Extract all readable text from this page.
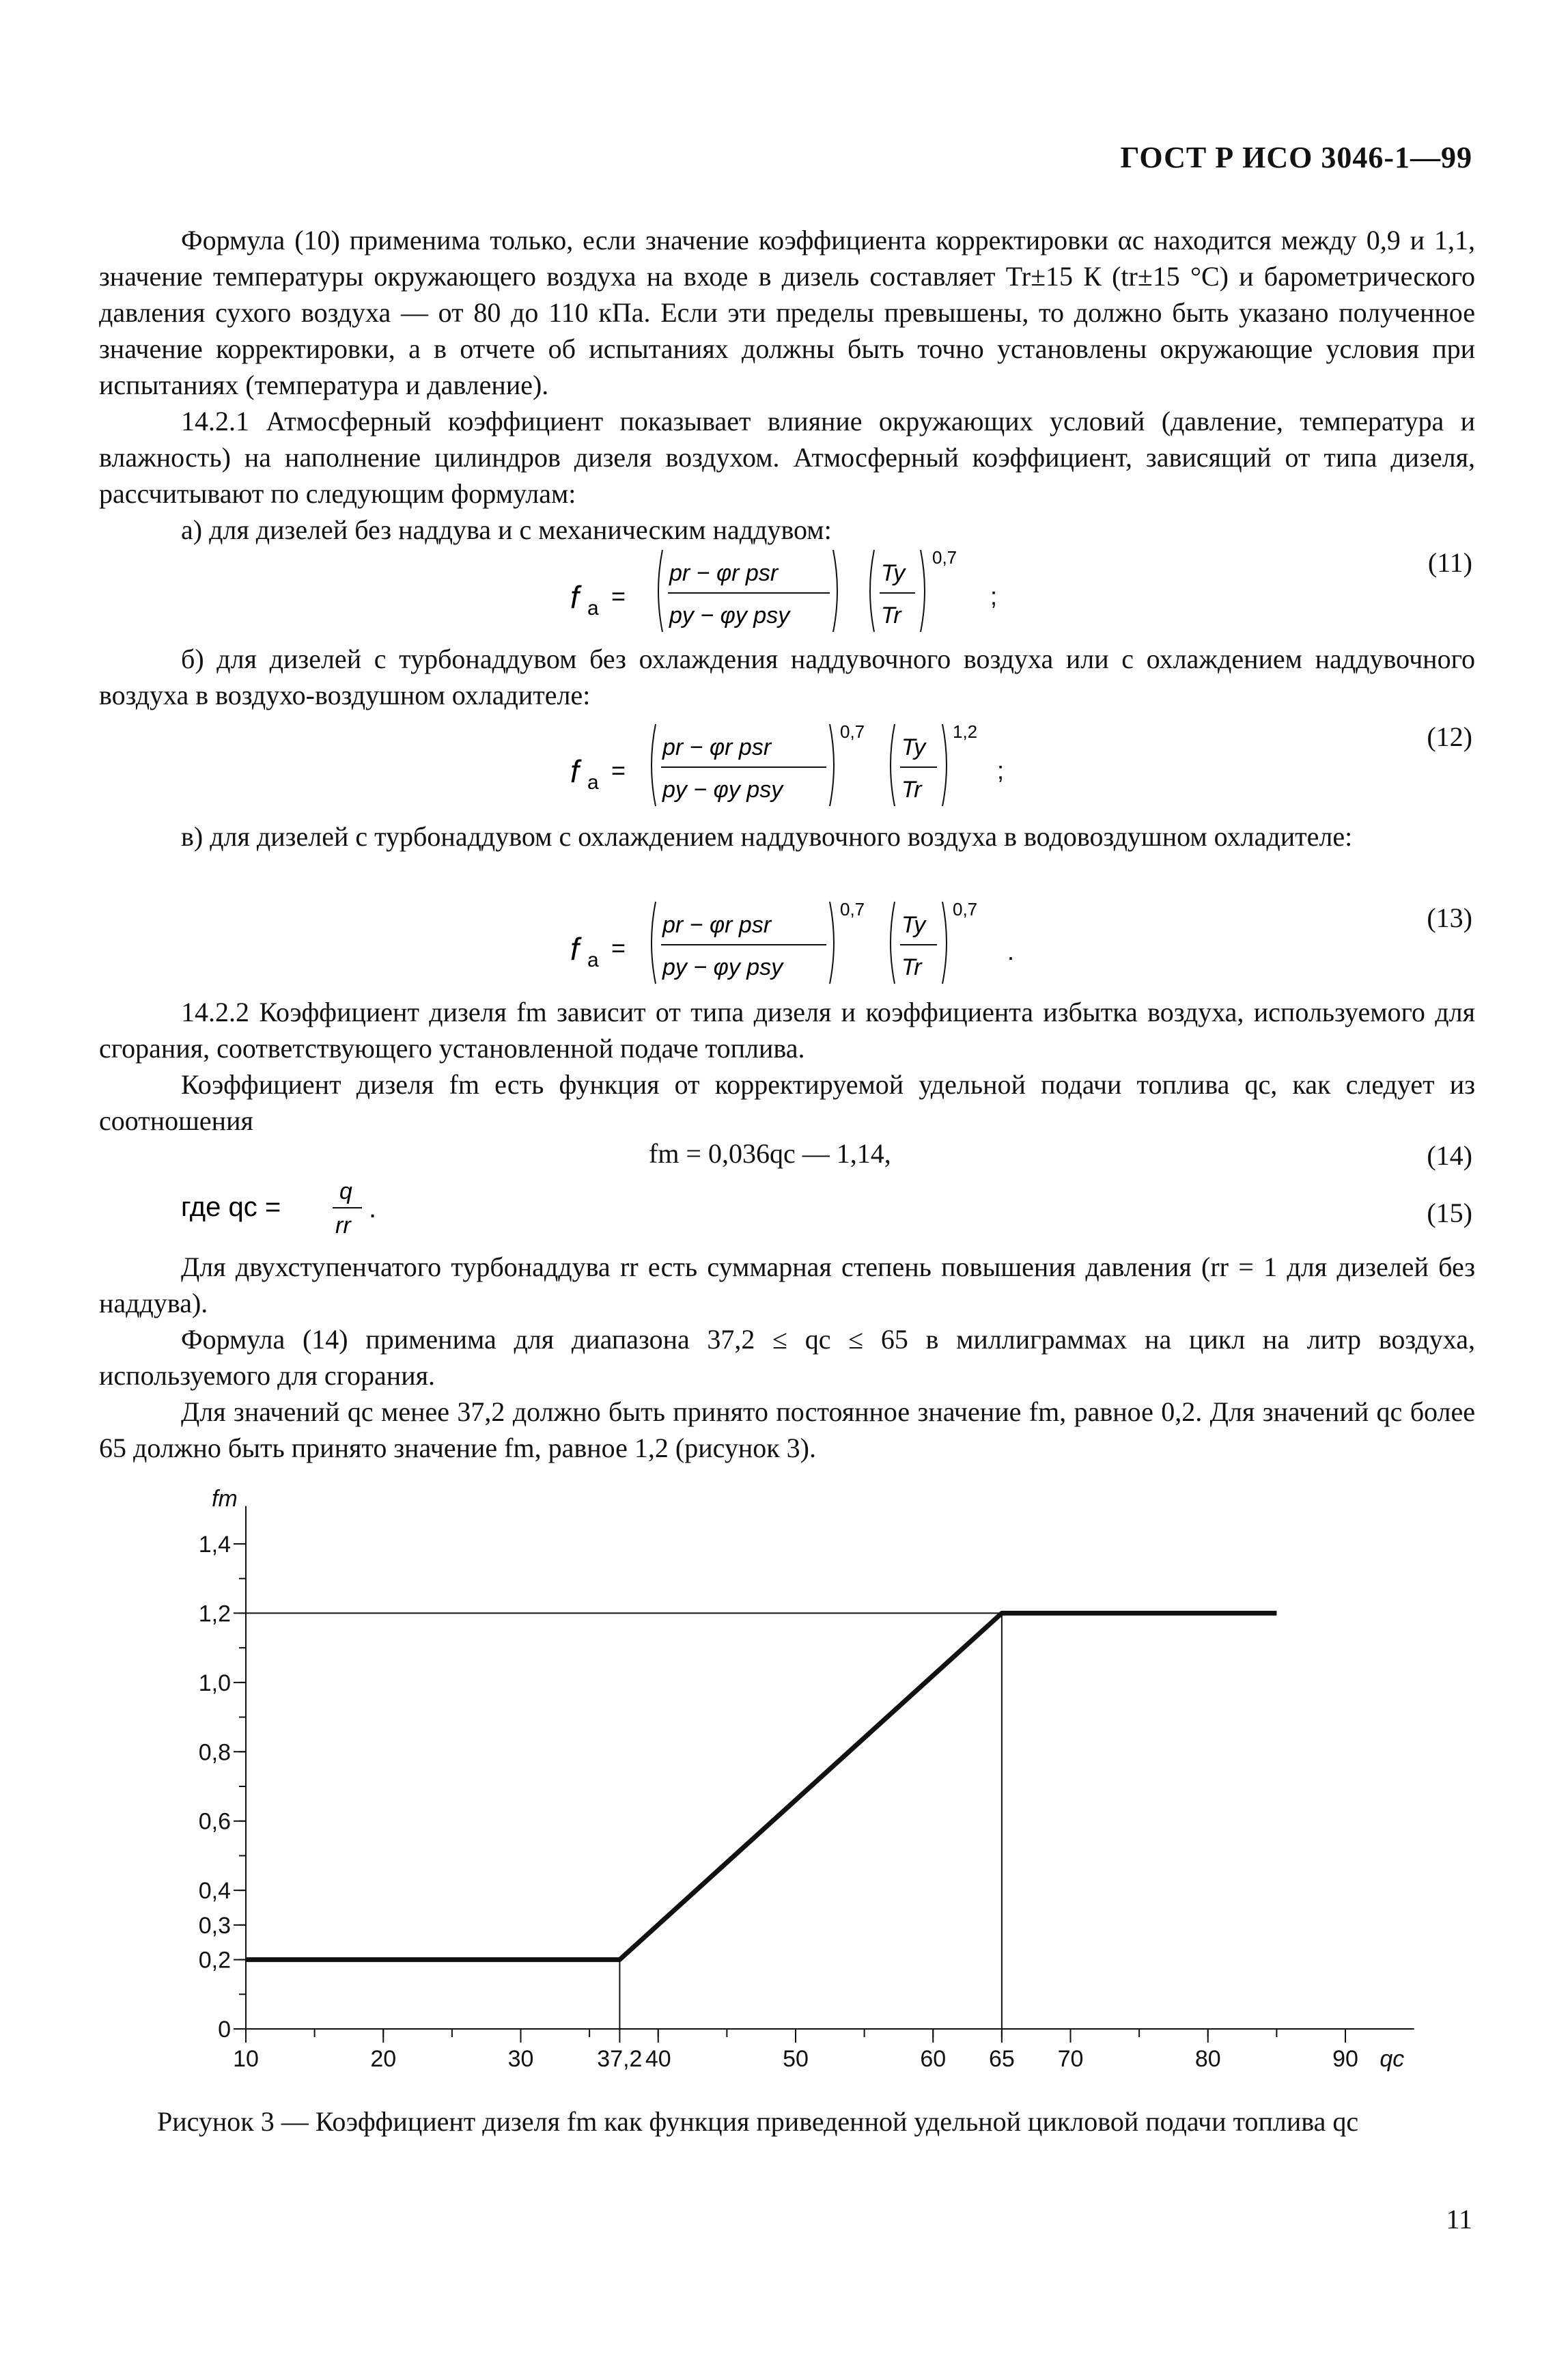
ГОСТ Р ИСО 3046-1—99

Формула (10) применима только, если значение коэффициента корректировки αc находится между 0,9 и 1,1, значение температуры окружающего воздуха на входе в дизель составляет Tr±15 К (tr±15 °С) и барометрического давления сухого воздуха — от 80 до 110 кПа. Если эти пределы превышены, то должно быть указано полученное значение корректировки, а в отчете об испытаниях должны быть точно установлены окружающие условия при испытаниях (температура и давление).

14.2.1 Атмосферный коэффициент показывает влияние окружающих условий (давление, температура и влажность) на наполнение цилиндров дизеля воздухом. Атмосферный коэффициент, зависящий от типа дизеля, рассчитывают по следующим формулам:

а) для дизелей без наддува и с механическим наддувом:

f a =
pr − φr psr
py − φy psy
Ty
Tr
0,7
;
(11)

б) для дизелей с турбонаддувом без охлаждения наддувочного воздуха или с охлаждением наддувочного воздуха в воздухо-воздушном охладителе:

f a =
pr − φr psr
py − φy psy
0,7
Ty
Tr
1,2
;
(12)

в) для дизелей с турбонаддувом с охлаждением наддувочного воздуха в водовоздушном охладителе:

f a =
pr − φr psr
py − φy psy
0,7
Ty
Tr
0,7
.
(13)

14.2.2 Коэффициент дизеля fm зависит от типа дизеля и коэффициента избытка воздуха, используемого для сгорания, соответствующего установленной подаче топлива.

Коэффициент дизеля fm есть функция от корректируемой удельной подачи топлива qc, как следует из соотношения

fm = 0,036qc — 1,14,	(14)
где qc =
q
rr
.	(15)

Для двухступенчатого турбонаддува rr есть суммарная степень повышения давления (rr = 1 для дизелей без наддува).

Формула (14) применима для диапазона 37,2 ≤ qc ≤ 65 в миллиграммах на цикл на литр воздуха, используемого для сгорания.

Для значений qc менее 37,2 должно быть принято постоянное значение fm, равное 0,2. Для значений qc более 65 должно быть принято значение fm, равное 1,2 (рисунок 3).

0
0,2
0,3
0,4
0,6
0,8
1,0
1,2
1,4
10	20	30	37,2 40	50	60 65 70	80	90
fm
qc
Рисунок 3 — Коэффициент дизеля fm как функция приведенной удельной цикловой подачи топлива qc
11
